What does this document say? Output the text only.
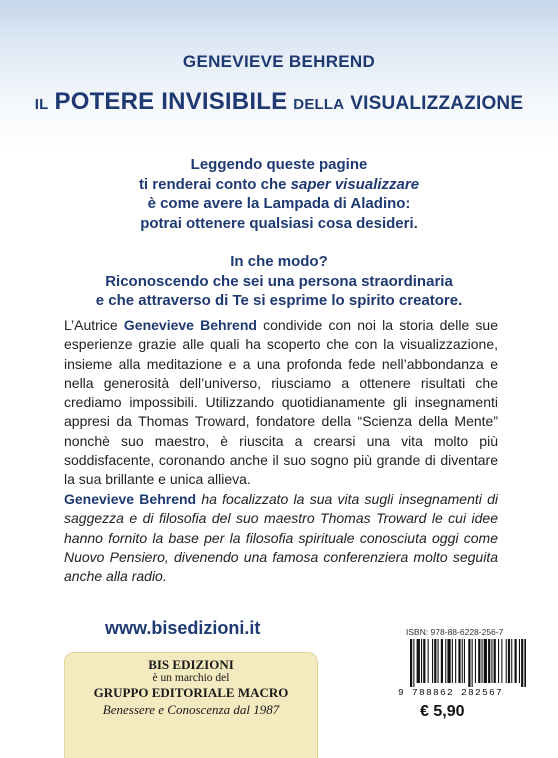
GENEVIEVE BEHREND
IL POTERE INVISIBILE DELLA VISUALIZZAZIONE
Leggendo queste pagine
ti renderai conto che saper visualizzare
è come avere la Lampada di Aladino:
potrai ottenere qualsiasi cosa desideri.
In che modo?
Riconoscendo che sei una persona straordinaria
e che attraverso di Te si esprime lo spirito creatore.

L’Autrice Genevieve Behrend condivide con noi la storia delle sue esperienze grazie alle quali ha scoperto che con la visualizzazione, insieme alla meditazione e a una profonda fede nell’abbondanza e nella generosità dell’universo, riusciamo a ottenere risultati che crediamo impossibili. Utilizzando quotidianamente gli insegnamenti appresi da Thomas Troward, fondatore della “Scienza della Mente” nonchè suo maestro, è riuscita a crearsi una vita molto più soddisfacente, coronando anche il suo sogno più grande di diventare la sua brillante e unica allieva.

Genevieve Behrend ha focalizzato la sua vita sugli insegnamenti di saggezza e di filosofia del suo maestro Thomas Troward le cui idee hanno fornito la base per la filosofia spirituale conosciuta oggi come Nuovo Pensiero, divenendo una famosa conferenziera molto seguita anche alla radio.

www.bisedizioni.it
BIS EDIZIONI
è un marchio del
GRUPPO EDITORIALE MACRO
Benessere e Conoscenza dal 1987
ISBN: 978-88-6228-256-7
9 788862 282567
€ 5,90
